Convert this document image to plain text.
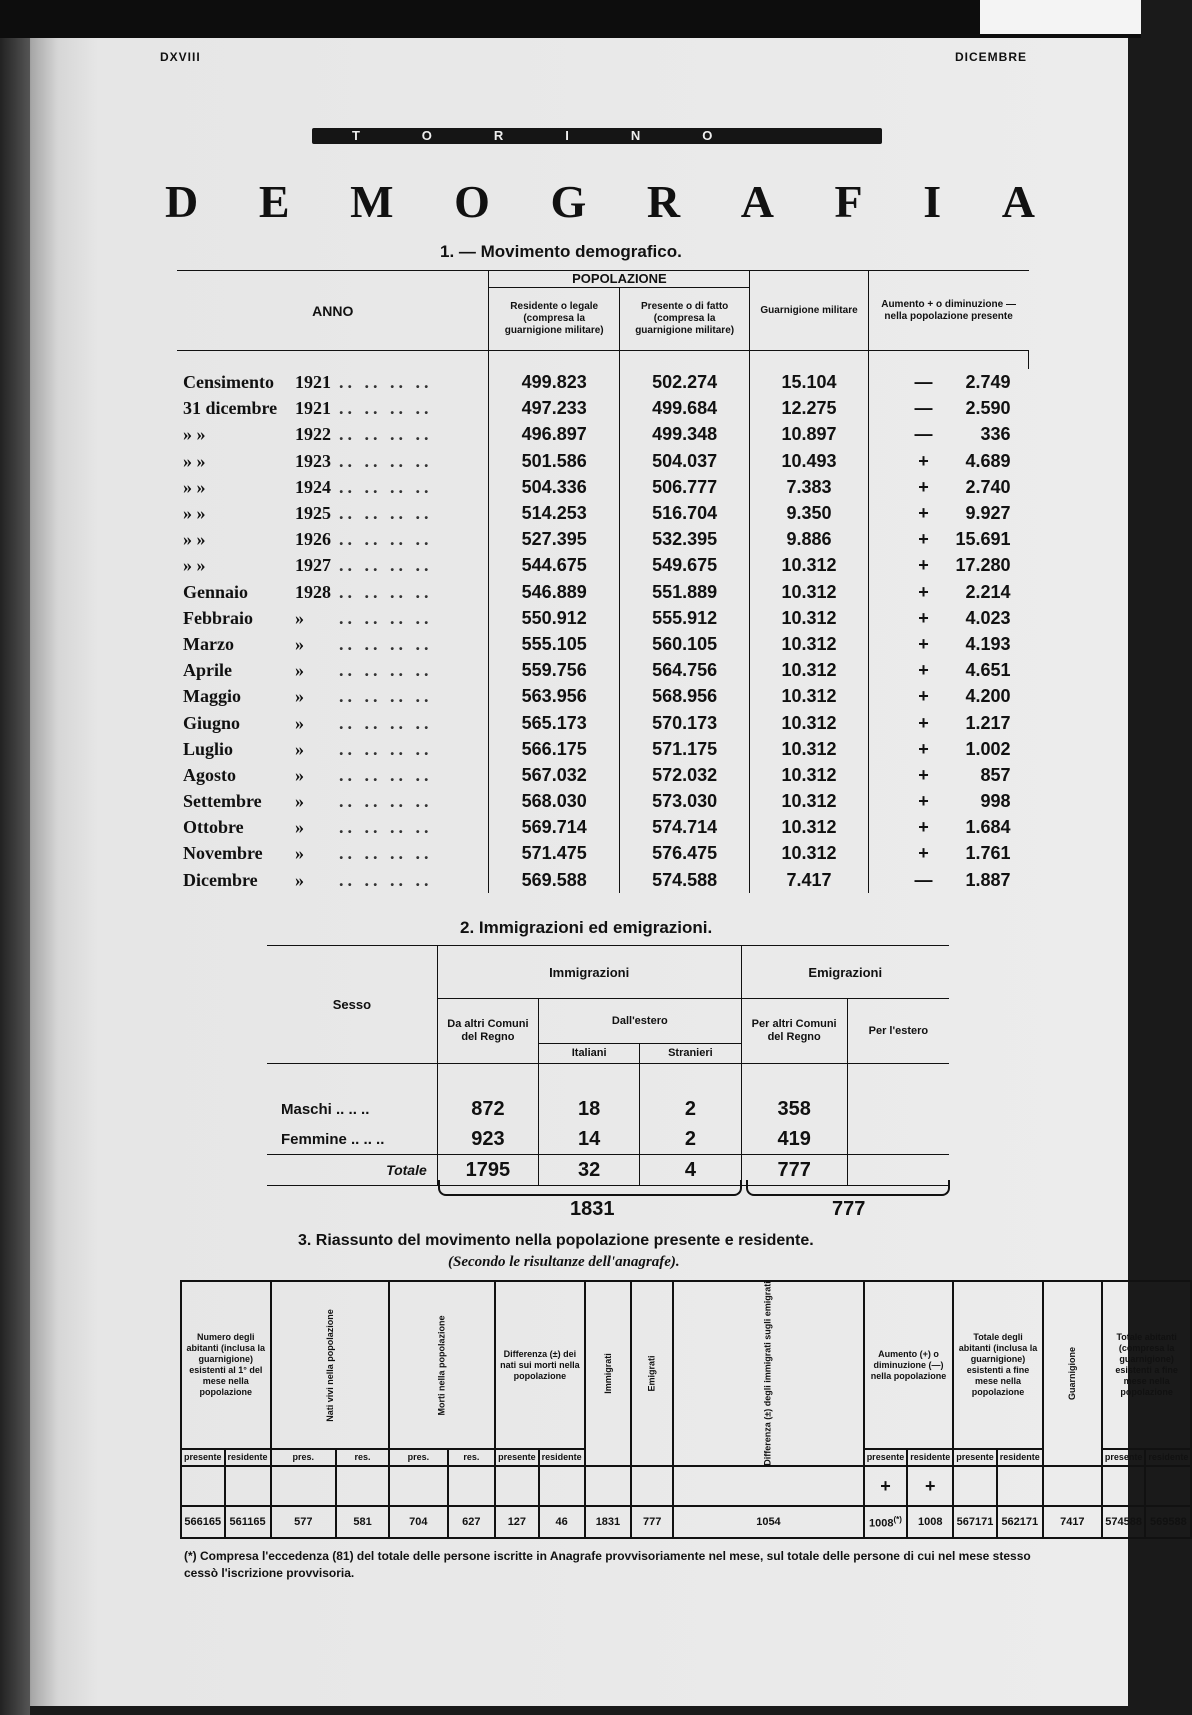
DXVIII
TORINO
DICEMBRE
D E M O G R A F I A
1. — Movimento demografico.
ANNO	POPOLAZIONE		Guarnigione militare	Aumento + o diminuzione — nella popolazione presente
	Residente o legale (compresa la guarnigione militare)	Presente o di fatto (compresa la guarnigione militare)		

Censimento 1921 .. .. .. ..	499.823	502.274	15.104	— 2.749
31 dicembre 1921 .. .. .. ..	497.233	499.684	12.275	— 2.590
» » 1922 .. .. .. ..	496.897	499.348	10.897	— 336
» » 1923 .. .. .. ..	501.586	504.037	10.493	+ 4.689
» » 1924 .. .. .. ..	504.336	506.777	7.383	+ 2.740
» » 1925 .. .. .. ..	514.253	516.704	9.350	+ 9.927
» » 1926 .. .. .. ..	527.395	532.395	9.886	+ 15.691
» » 1927 .. .. .. ..	544.675	549.675	10.312	+ 17.280
Gennaio 1928 .. .. .. ..	546.889	551.889	10.312	+ 2.214
Febbraio » .. .. .. ..	550.912	555.912	10.312	+ 4.023
Marzo » .. .. .. ..	555.105	560.105	10.312	+ 4.193
Aprile » .. .. .. ..	559.756	564.756	10.312	+ 4.651
Maggio » .. .. .. ..	563.956	568.956	10.312	+ 4.200
Giugno » .. .. .. ..	565.173	570.173	10.312	+ 1.217
Luglio » .. .. .. ..	566.175	571.175	10.312	+ 1.002
Agosto » .. .. .. ..	567.032	572.032	10.312	+ 857
Settembre » .. .. .. ..	568.030	573.030	10.312	+ 998
Ottobre » .. .. .. ..	569.714	574.714	10.312	+ 1.684
Novembre » .. .. .. ..	571.475	576.475	10.312	+ 1.761
Dicembre » .. .. .. ..	569.588	574.588	7.417	— 1.887
2. Immigrazioni ed emigrazioni.
Sesso	Immigrazioni			Emigrazioni	
	Da altri Comuni del Regno	Dall'estero		Per altri Comuni del Regno	Per l'estero
		Italiani	Stranieri		

Maschi .. .. ..	872	18	2	358	
Femmine .. .. ..	923	14	2	419	
Totale	1795	32	4	777	
1831	777
3. Riassunto del movimento nella popolazione presente e residente.
(Secondo le risultanze dell'anagrafe).
Numero degli abitanti (inclusa la guarnigione) esistenti al 1° del mese nella popolazione		Nati vivi nella popolazione		Morti nella popolazione		Differenza (±) dei nati sui morti nella popolazione		Immigrati	Emigrati	Differenza (±) degli immigrati sugli emigrati	Aumento (+) o diminuzione (—) nella popolazione		Totale degli abitanti (inclusa la guarnigione) esistenti a fine mese nella popolazione		Guarnigione	Totale abitanti (compresa la guarnigione) esistenti a fine mese nella popolazione	
presente	residente	pres.	res.	pres.	res.	presente	residente				presente	residente	presente	residente		presente	residente

											+	+					

566165	561165	577	581	704	627	127	46	1831	777	1054	1008(*)	1008	567171	562171	7417	574588	569588
(*) Compresa l'eccedenza (81) del totale delle persone iscritte in Anagrafe provvisoriamente nel mese, sul totale delle persone di cui nel mese stesso cessò l'iscrizione provvisoria.
